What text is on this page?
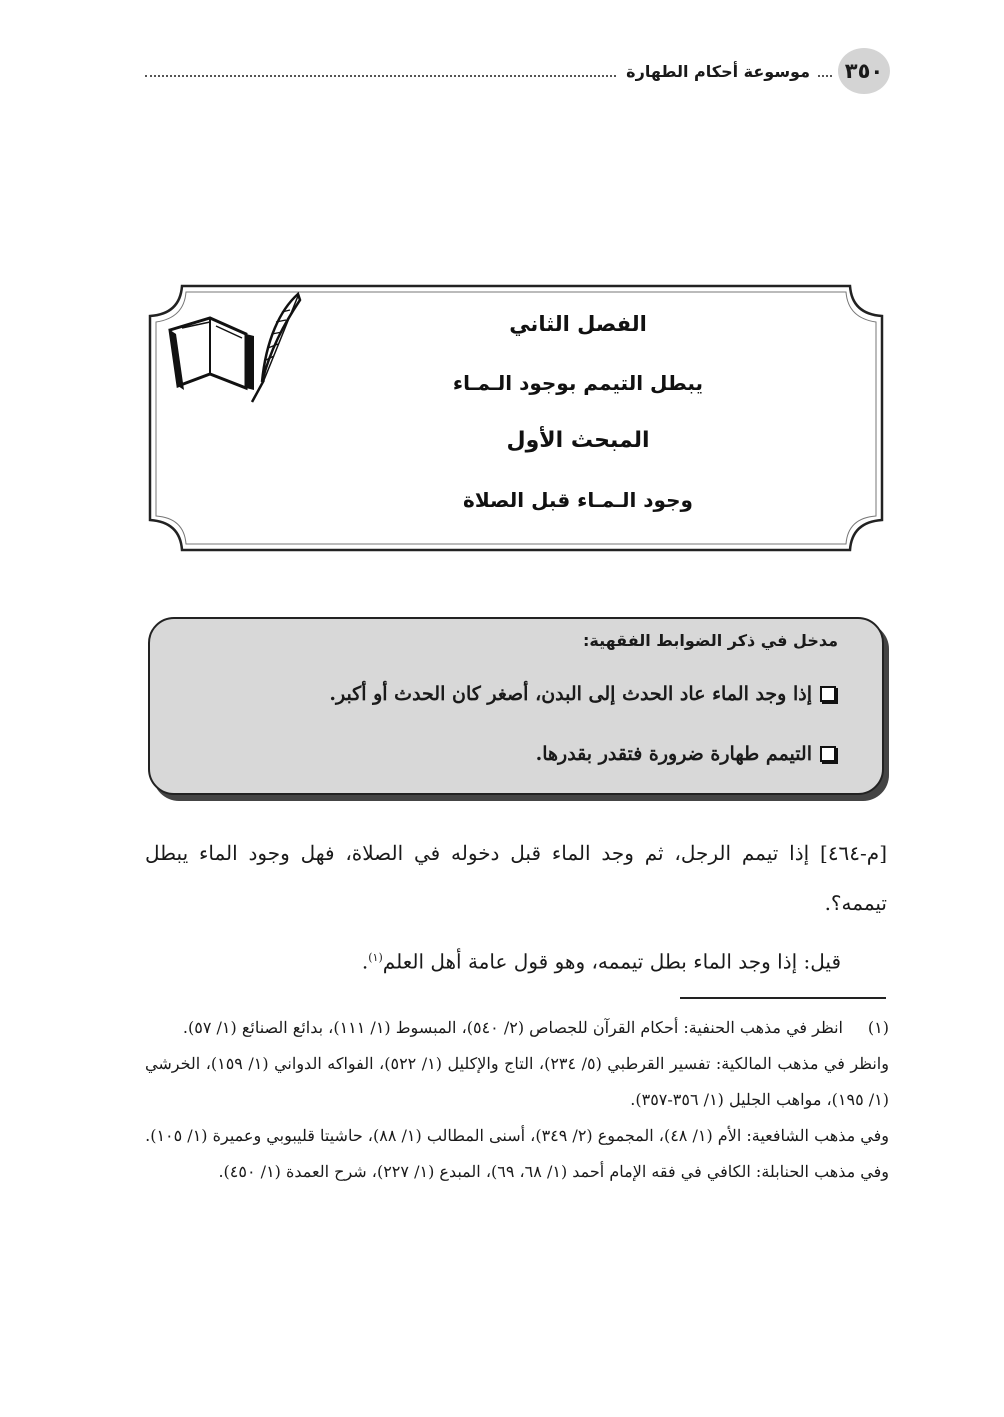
٣٥٠
موسوعة أحكام الطهارة
الفصل الثاني
يبطل التيمم بوجود الـمـاء
المبحث الأول
وجود الـمـاء قبل الصلاة
مدخل في ذكر الضوابط الفقهية:
إذا وجد الماء عاد الحدث إلى البدن، أصغر كان الحدث أو أكبر.
التيمم طهارة ضرورة فتقدر بقدرها.

[م-٤٦٤] إذا تيمم الرجل، ثم وجد الماء قبل دخوله في الصلاة، فهل وجود الماء يبطل تيممه؟.

قيل: إذا وجد الماء بطل تيممه، وهو قول عامة أهل العلم$^{(١)}$.

(١)

انظر في مذهب الحنفية: أحكام القرآن للجصاص (٢/ ٥٤٠)، المبسوط (١/ ١١١)، بدائع الصنائع (١/ ٥٧).

وانظر في مذهب المالكية: تفسير القرطبي (٥/ ٢٣٤)، التاج والإكليل (١/ ٥٢٢)، الفواكه الدواني (١/ ١٥٩)، الخرشي (١/ ١٩٥)، مواهب الجليل (١/ ٣٥٦-٣٥٧).

وفي مذهب الشافعية: الأم (١/ ٤٨)، المجموع (٢/ ٣٤٩)، أسنى المطالب (١/ ٨٨)، حاشيتا قليبوبي وعميرة (١/ ١٠٥).

وفي مذهب الحنابلة: الكافي في فقه الإمام أحمد (١/ ٦٨، ٦٩)، المبدع (١/ ٢٢٧)، شرح العمدة (١/ ٤٥٠).
